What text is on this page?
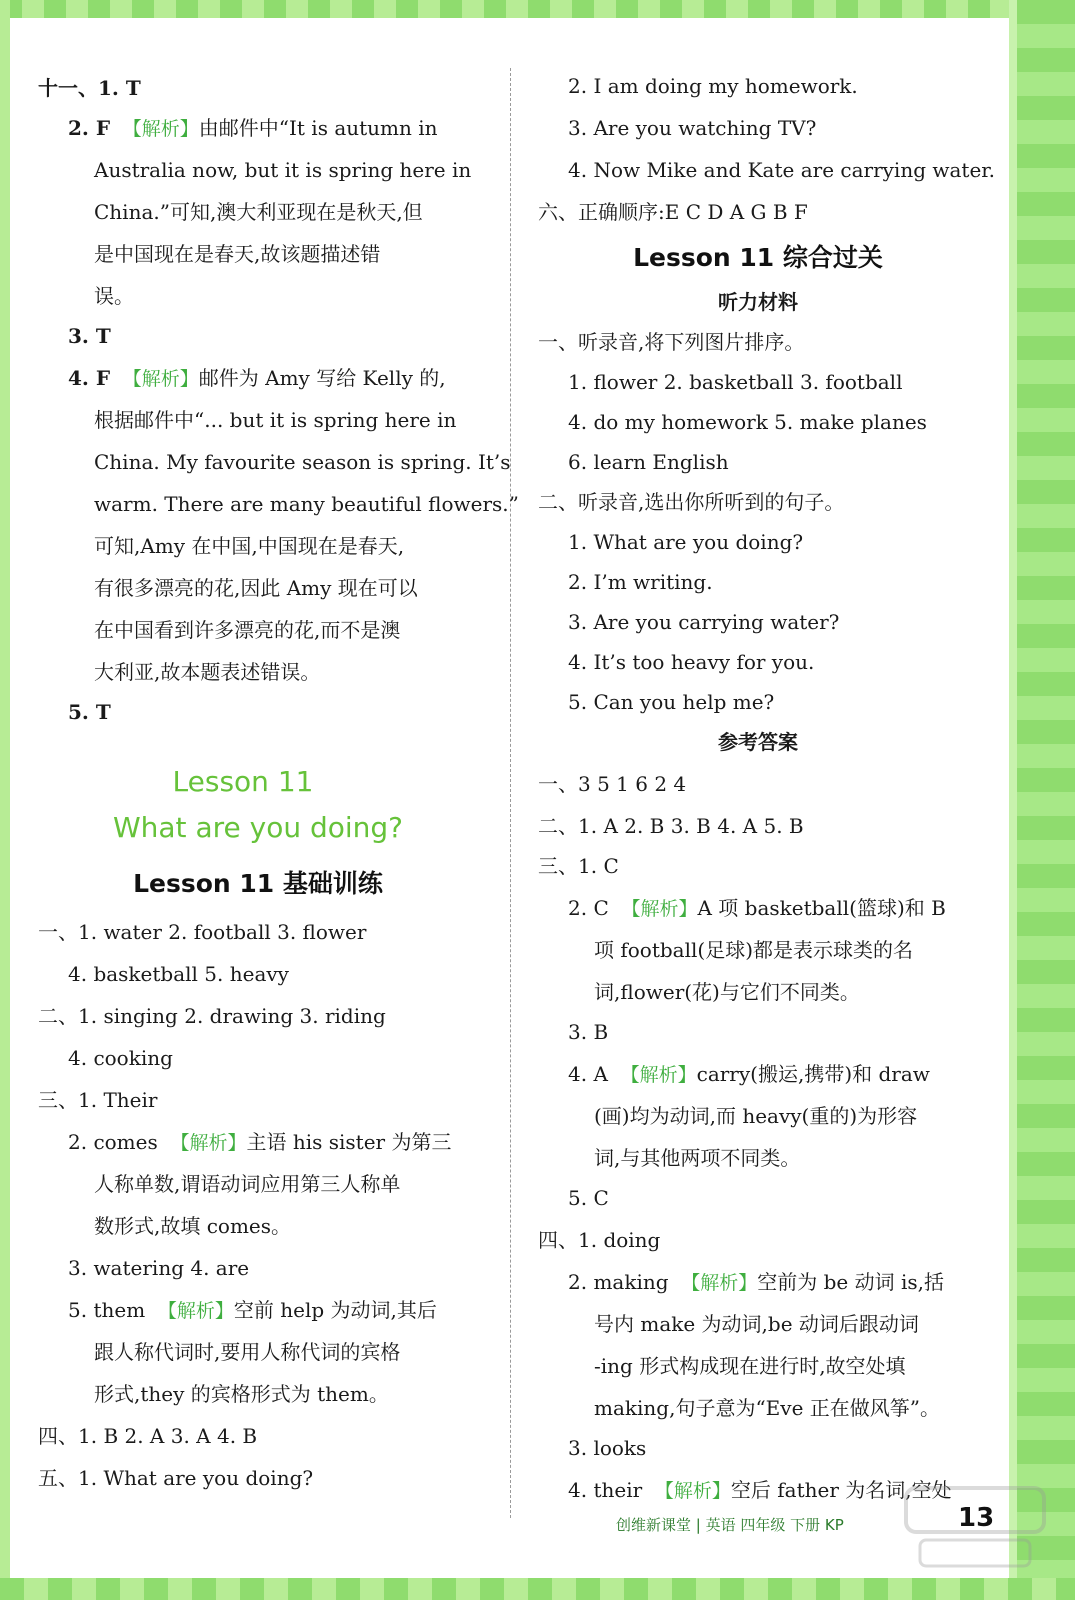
十一、1. T
2. F 【解析】由邮件中“It is autumn in
Australia now, but it is spring here in
China.”可知,澳大利亚现在是秋天,但
是中国现在是春天,故该题描述错
误。
3. T
4. F 【解析】邮件为 Amy 写给 Kelly 的,
根据邮件中“... but it is spring here in
China. My favourite season is spring. It’s
warm. There are many beautiful flowers.”
可知,Amy 在中国,中国现在是春天,
有很多漂亮的花,因此 Amy 现在可以
在中国看到许多漂亮的花,而不是澳
大利亚,故本题表述错误。
5. T
Lesson 11
What are you doing?
Lesson 11 基础训练
一、1. water 2. football 3. flower
4. basketball 5. heavy
二、1. singing 2. drawing 3. riding
4. cooking
三、1. Their
2. comes 【解析】主语 his sister 为第三
人称单数,谓语动词应用第三人称单
数形式,故填 comes。
3. watering 4. are
5. them 【解析】空前 help 为动词,其后
跟人称代词时,要用人称代词的宾格
形式,they 的宾格形式为 them。
四、1. B 2. A 3. A 4. B
五、1. What are you doing?
2. I am doing my homework.
3. Are you watching TV?
4. Now Mike and Kate are carrying water.
六、正确顺序:E C D A G B F
Lesson 11 综合过关
听力材料
一、听录音,将下列图片排序。
1. flower 2. basketball 3. football
4. do my homework 5. make planes
6. learn English
二、听录音,选出你所听到的句子。
1. What are you doing?
2. I’m writing.
3. Are you carrying water?
4. It’s too heavy for you.
5. Can you help me?
参考答案
一、3 5 1 6 2 4
二、1. A 2. B 3. B 4. A 5. B
三、1. C
2. C 【解析】A 项 basketball(篮球)和 B
项 football(足球)都是表示球类的名
词,flower(花)与它们不同类。
3. B
4. A 【解析】carry(搬运,携带)和 draw
(画)均为动词,而 heavy(重的)为形容
词,与其他两项不同类。
5. C
四、1. doing
2. making 【解析】空前为 be 动词 is,括
号内 make 为动词,be 动词后跟动词
-ing 形式构成现在进行时,故空处填
making,句子意为“Eve 正在做风筝”。
3. looks
4. their 【解析】空后 father 为名词,空处
创维新课堂 | 英语 四年级 下册 KP	13
